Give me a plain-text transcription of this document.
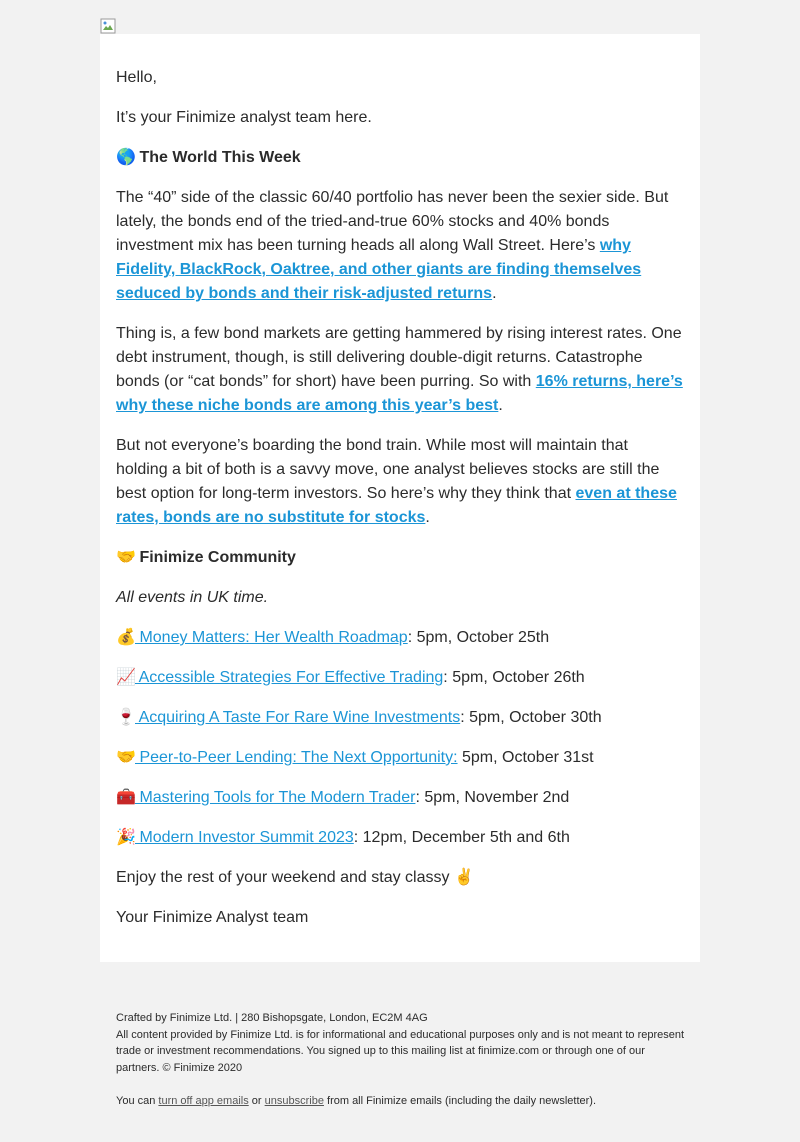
Hello,

It’s your Finimize analyst team here.

🌎 The World This Week

The “40” side of the classic 60/40 portfolio has never been the sexier side. But lately, the bonds end of the tried-and-true 60% stocks and 40% bonds investment mix has been turning heads all along Wall Street. Here’s why Fidelity, BlackRock, Oaktree, and other giants are finding themselves seduced by bonds and their risk-adjusted returns.

Thing is, a few bond markets are getting hammered by rising interest rates. One debt instrument, though, is still delivering double-digit returns. Catastrophe bonds (or “cat bonds” for short) have been purring. So with 16% returns, here’s why these niche bonds are among this year’s best.

But not everyone’s boarding the bond train. While most will maintain that holding a bit of both is a savvy move, one analyst believes stocks are still the best option for long-term investors. So here’s why they think that even at these rates, bonds are no substitute for stocks.

🤝 Finimize Community

All events in UK time.

💰 Money Matters: Her Wealth Roadmap: 5pm, October 25th

📈 Accessible Strategies For Effective Trading: 5pm, October 26th

🍷 Acquiring A Taste For Rare Wine Investments: 5pm, October 30th

🤝 Peer-to-Peer Lending: The Next Opportunity: 5pm, October 31st

🧰 Mastering Tools for The Modern Trader: 5pm, November 2nd

🎉 Modern Investor Summit 2023: 12pm, December 5th and 6th

Enjoy the rest of your weekend and stay classy ✌️

Your Finimize Analyst team

Crafted by Finimize Ltd. | 280 Bishopsgate, London, EC2M 4AG

All content provided by Finimize Ltd. is for informational and educational purposes only and is not meant to represent trade or investment recommendations. You signed up to this mailing list at finimize.com or through one of our partners. © Finimize 2020

You can turn off app emails or unsubscribe from all Finimize emails (including the daily newsletter).
